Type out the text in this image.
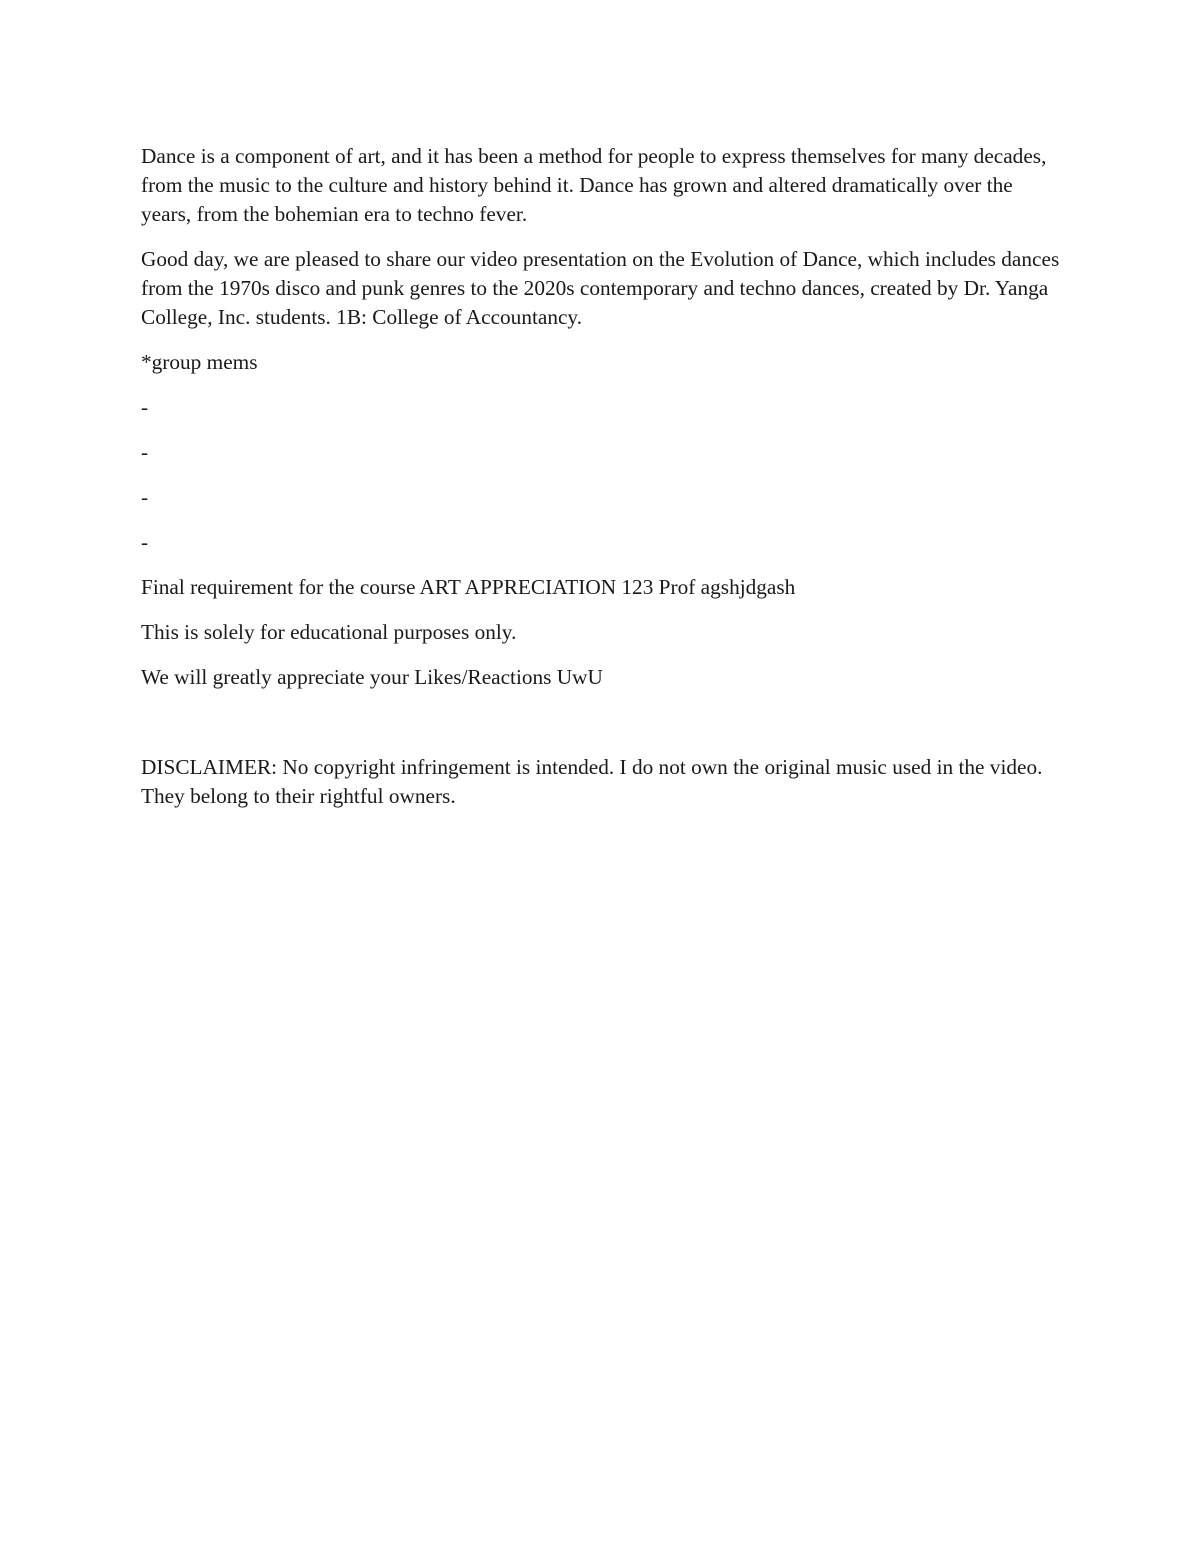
Dance is a component of art, and it has been a method for people to express themselves for many decades, from the music to the culture and history behind it. Dance has grown and altered dramatically over the years, from the bohemian era to techno fever.

Good day, we are pleased to share our video presentation on the Evolution of Dance, which includes dances from the 1970s disco and punk genres to the 2020s contemporary and techno dances, created by Dr. Yanga College, Inc. students. 1B: College of Accountancy.

*group mems

-

-

-

-

Final requirement for the course ART APPRECIATION 123 Prof agshjdgash

This is solely for educational purposes only.

We will greatly appreciate your Likes/Reactions UwU

DISCLAIMER: No copyright infringement is intended. I do not own the original music used in the video. They belong to their rightful owners.
